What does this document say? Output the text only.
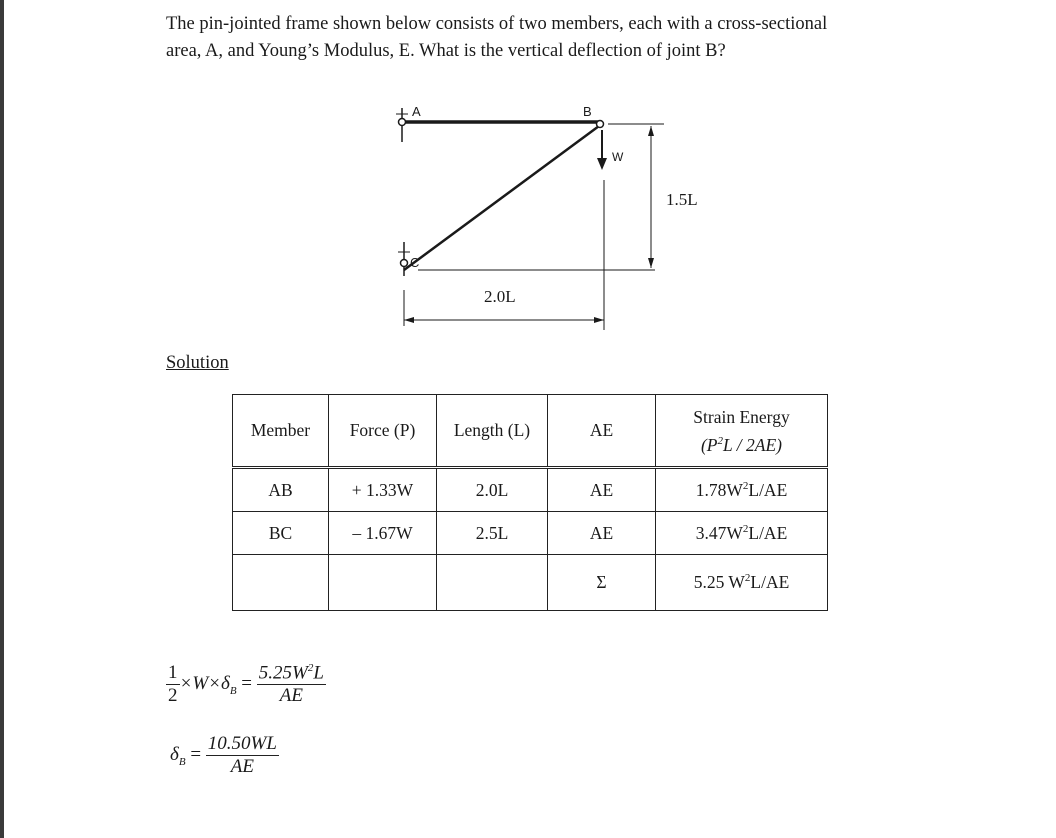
The pin-jointed frame shown below consists of two members, each with a cross-sectional
area, A, and Young’s Modulus, E. What is the vertical deflection of joint B?
A	B
C
W
1.5L
2.0L
Solution
Member	Force (P)	Length (L)	AE	Strain Energy
$(P^2L / 2AE)$

AB	+ 1.33W	2.0L	AE	$1.78W^2L/AE$
BC	– 1.67W	2.5L	AE	$3.47W^2L/AE$
			Σ	5.25 $W^2L/AE$
$\frac{1}{2} \times W\times\delta_B = \frac{5.25W^2L}{AE}$
$\delta_B = \frac{10.50WL}{AE}$
